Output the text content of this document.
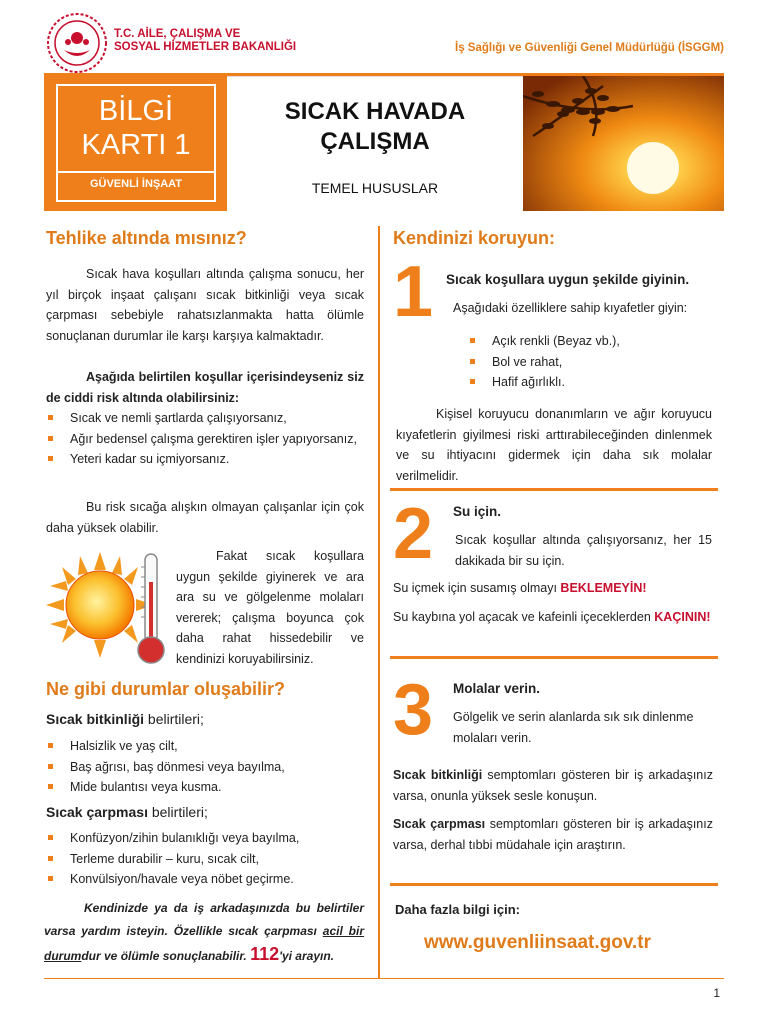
T.C. AİLE, ÇALIŞMA VE
SOSYAL HİZMETLER BAKANLIĞI	İş Sağlığı ve Güvenliği Genel Müdürlüğü (İSGGM)
BİLGİ
KARTI 1
GÜVENLİ İNŞAAT
SICAK HAVADA
ÇALIŞMA
TEMEL HUSUSLAR
Tehlike altında mısınız?
Sıcak hava koşulları altında çalışma sonucu, her yıl birçok inşaat çalışanı sıcak bitkinliği veya sıcak çarpması sebebiyle rahatsızlanmakta hatta ölümle sonuçlanan durumlar ile karşı karşıya kalmaktadır.
Aşağıda belirtilen koşullar içerisindeyseniz siz de ciddi risk altında olabilirsiniz:
Sıcak ve nemli şartlarda çalışıyorsanız,
Ağır bedensel çalışma gerektiren işler yapıyorsanız,
Yeteri kadar su içmiyorsanız.
Bu risk sıcağa alışkın olmayan çalışanlar için çok daha yüksek olabilir.
Fakat sıcak koşullara uygun şekilde giyinerek ve ara ara su ve gölgelenme molaları vererek; çalışma boyunca çok daha rahat hissedebilir ve kendinizi koruyabilirsiniz.
Ne gibi durumlar oluşabilir?
Sıcak bitkinliği belirtileri;
Halsizlik ve yaş cilt,
Baş ağrısı, baş dönmesi veya bayılma,
Mide bulantısı veya kusma.
Sıcak çarpması belirtileri;
Konfüzyon/zihin bulanıklığı veya bayılma,
Terleme durabilir – kuru, sıcak cilt,
Konvülsiyon/havale veya nöbet geçirme.
Kendinizde ya da iş arkadaşınızda bu belirtiler varsa yardım isteyin. Özellikle sıcak çarpması acil bir durumdur ve ölümle sonuçlanabilir. 112'yi arayın.
Kendinizi koruyun:
1 Sıcak koşullara uygun şekilde giyinin.
Aşağıdaki özelliklere sahip kıyafetler giyin:
Açık renkli (Beyaz vb.),
Bol ve rahat,
Hafif ağırlıklı.
Kişisel koruyucu donanımların ve ağır koruyucu kıyafetlerin giyilmesi riski arttırabileceğinden dinlenmek ve su ihtiyacını gidermek için daha sık molalar verilmelidir.
2 Su için.
Sıcak koşullar altında çalışıyorsanız, her 15 dakikada bir su için.
Su içmek için susamış olmayı BEKLEMEYİN!
Su kaybına yol açacak ve kafeinli içeceklerden KAÇININ!
3 Molalar verin.
Gölgelik ve serin alanlarda sık sık dinlenme molaları verin.
Sıcak bitkinliği semptomları gösteren bir iş arkadaşınız varsa, onunla yüksek sesle konuşun.
Sıcak çarpması semptomları gösteren bir iş arkadaşınız varsa, derhal tıbbi müdahale için araştırın.
Daha fazla bilgi için:
www.guvenliinsaat.gov.tr
1
